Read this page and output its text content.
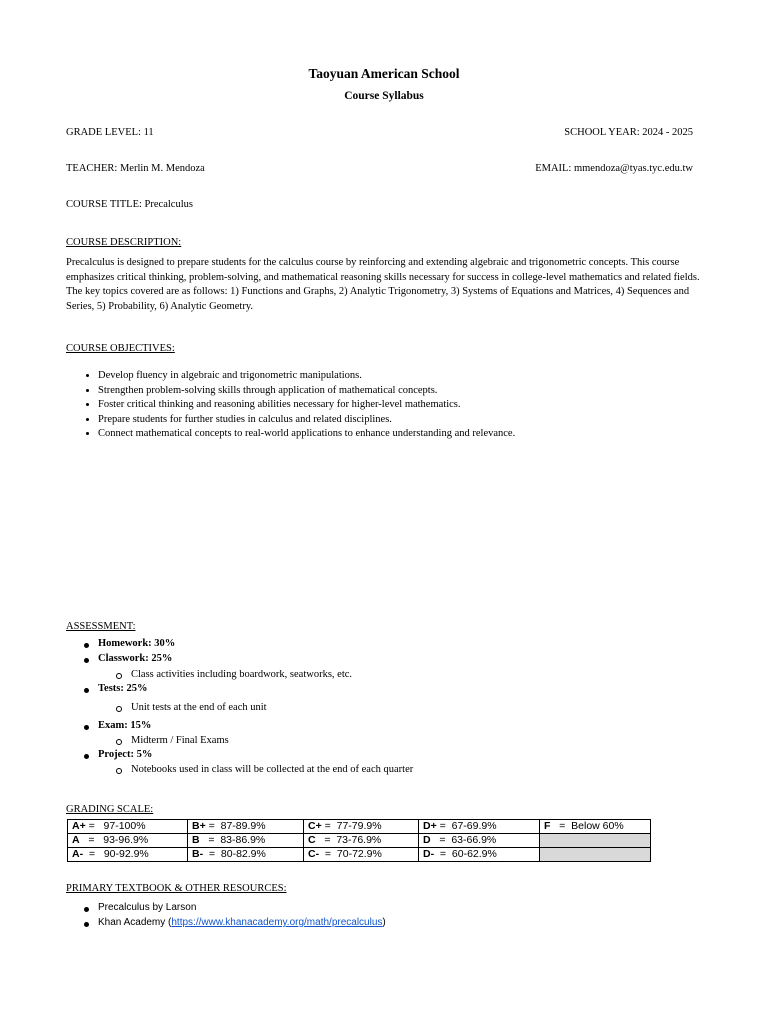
Taoyuan American School
Course Syllabus
GRADE LEVEL: 11	SCHOOL YEAR: 2024 - 2025
TEACHER: Merlin M. Mendoza	EMAIL: mmendoza@tyas.tyc.edu.tw
COURSE TITLE: Precalculus
COURSE DESCRIPTION:
Precalculus is designed to prepare students for the calculus course by reinforcing and extending algebraic and trigonometric concepts. This course emphasizes critical thinking, problem-solving, and mathematical reasoning skills necessary for success in college-level mathematics and related fields. The key topics covered are as follows: 1) Functions and Graphs, 2) Analytic Trigonometry, 3) Systems of Equations and Matrices, 4) Sequences and Series, 5) Probability, 6) Analytic Geometry.
COURSE OBJECTIVES:
• Develop fluency in algebraic and trigonometric manipulations.
• Strengthen problem-solving skills through application of mathematical concepts.
• Foster critical thinking and reasoning abilities necessary for higher-level mathematics.
• Prepare students for further studies in calculus and related disciplines.
• Connect mathematical concepts to real-world applications to enhance understanding and relevance.
ASSESSMENT:
Homework: 30%
Classwork: 25%
Class activities including boardwork, seatworks, etc.
Tests: 25%
Unit tests at the end of each unit
Exam: 15%
Midterm / Final Exams
Project: 5%
Notebooks used in class will be collected at the end of each quarter
GRADING SCALE:
A+ =   97-100%	B+ =  87-89.9%	C+ =  77-79.9%	D+ =  67-69.9%	F   =  Below 60%
A   =   93-96.9%	B   =  83-86.9%	C   =  73-76.9%	D   =  63-66.9%	
A-  =   90-92.9%	B-  =  80-82.9%	C-  =  70-72.9%	D-  =  60-62.9%	
PRIMARY TEXTBOOK & OTHER RESOURCES:
Precalculus by Larson
Khan Academy (https://www.khanacademy.org/math/precalculus)
